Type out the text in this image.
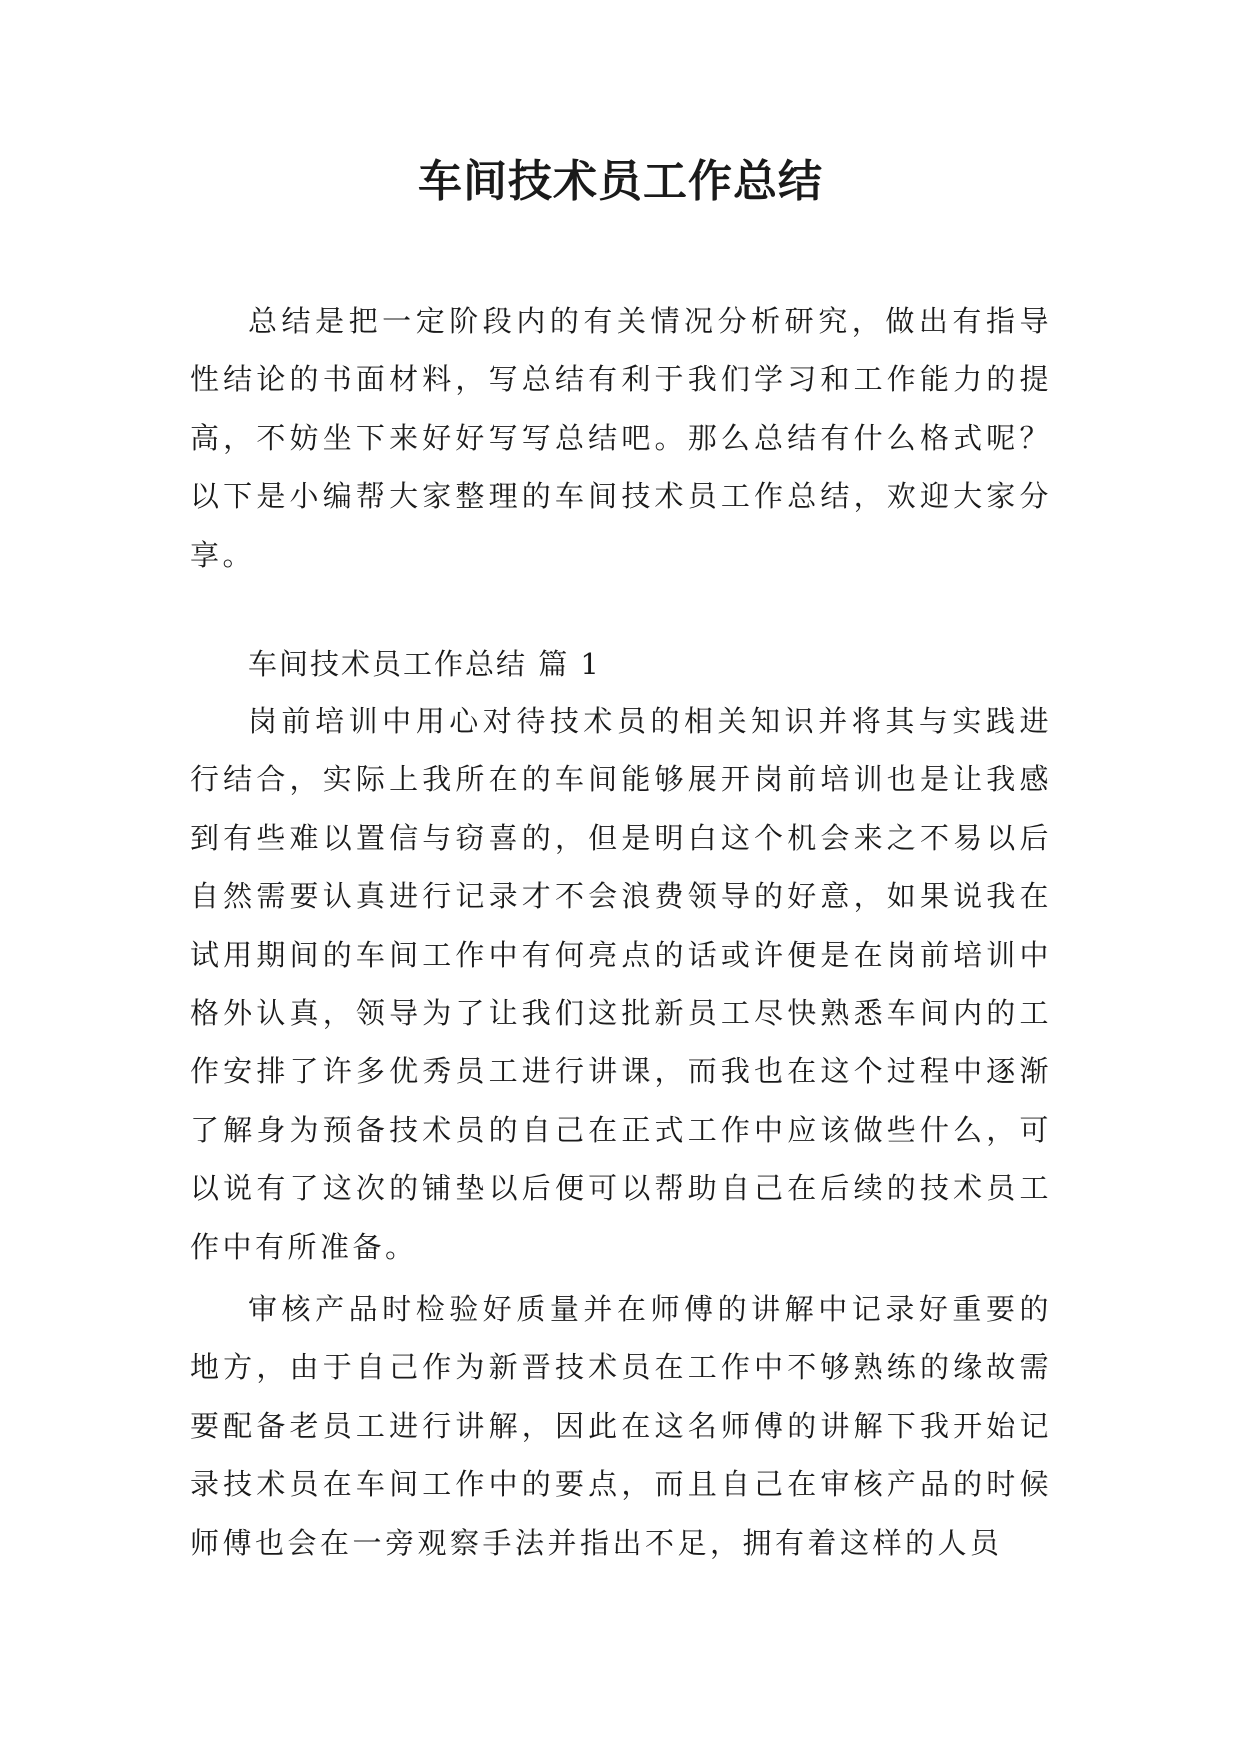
车间技术员工作总结

总结是把一定阶段内的有关情况分析研究，做出有指导性结论的书面材料，写总结有利于我们学习和工作能力的提高，不妨坐下来好好写写总结吧。那么总结有什么格式呢？以下是小编帮大家整理的车间技术员工作总结，欢迎大家分享。

车间技术员工作总结 篇 1

岗前培训中用心对待技术员的相关知识并将其与实践进行结合，实际上我所在的车间能够展开岗前培训也是让我感到有些难以置信与窃喜的，但是明白这个机会来之不易以后自然需要认真进行记录才不会浪费领导的好意，如果说我在试用期间的车间工作中有何亮点的话或许便是在岗前培训中格外认真，领导为了让我们这批新员工尽快熟悉车间内的工作安排了许多优秀员工进行讲课，而我也在这个过程中逐渐了解身为预备技术员的自己在正式工作中应该做些什么，可以说有了这次的铺垫以后便可以帮助自己在后续的技术员工作中有所准备。

审核产品时检验好质量并在师傅的讲解中记录好重要的地方，由于自己作为新晋技术员在工作中不够熟练的缘故需要配备老员工进行讲解，因此在这名师傅的讲解下我开始记录技术员在车间工作中的要点，而且自己在审核产品的时候师傅也会在一旁观察手法并指出不足，拥有着这样的人员
